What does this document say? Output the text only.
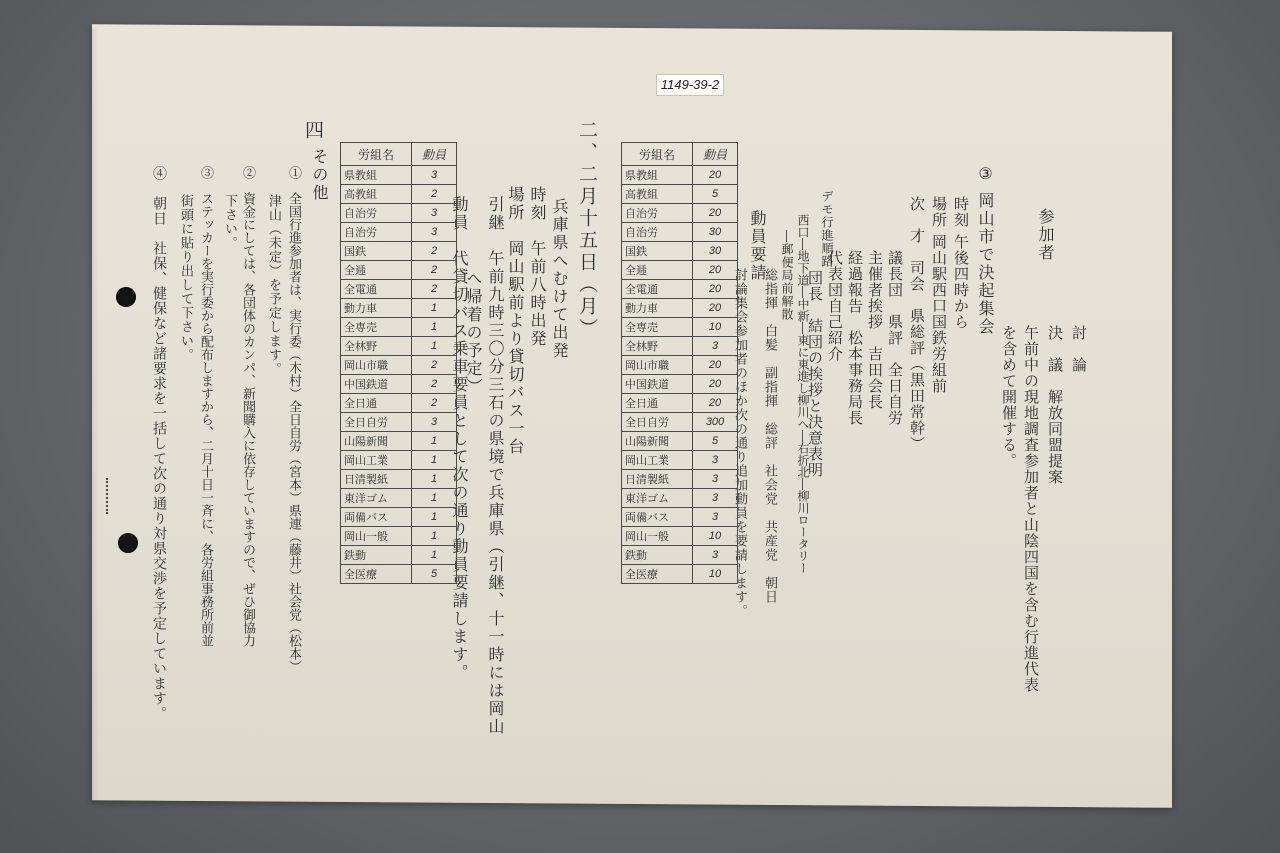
1149-39-2
参加者
討　論
決　議　解放同盟提案
午前中の現地調査参加者と山陰四国を含む行進代表
を含めて開催する。
③ 岡山市で決起集会
時刻 午後四時から
場所 岡山駅西口国鉄労組前
次　才　司会　県総評（黒田常幹）
議長団　県評　全日自労
主催者挨拶　吉田会長
経過報告　松本事務局長
代表団自己紹介
団長　結団の挨拶と決意表明
デモ行進順路
西口―地下道―中新―東に東進し柳川へ―右折北―柳川ロータリー
―郵便局前解散
総指揮　白髪　副指揮　総評　社会党　共産党　朝日
動員要請
討論集会参加者のほか次の通り追加動員を要請します。
労組名	動員
県教組	20
高教組	5
自治労	20
自治労	30
国鉄	30
全逓	20
全電通	20
動力車	20
全専売	10
全林野	3
岡山市職	20
中国鉄道	20
全日通	20
全日自労	300
山陽新聞	5
岡山工業	3
日清製紙	3
東洋ゴム	3
両備バス	3
岡山一般	10
鉄動	3
全医療	10
二、二月十五日（月）
兵庫県へむけて出発
時刻　午前八時出発
場所　岡山駅前より貸切バス一台
引継　午前九時三〇分三石の県境で兵庫県（引継、十一時には岡山
へ帰着の予定）
動員　代貸切バス乗車要員として次の通り動員要請します。
労組名	動員
県教組	3
高教組	2
自治労	3
自治労	3
国鉄	2
全逓	2
全電通	2
動力車	1
全専売	1
全林野	1
岡山市職	2
中国鉄道	2
全日通	2
全日自労	3
山陽新聞	1
岡山工業	1
日清製紙	1
東洋ゴム	1
両備バス	1
岡山一般	1
鉄動	1
全医療	5
四
その他
①　全国行進参加者は、実行委（木村）全日自労（宮本）県連（藤井）社会党（松本）
津山（未定）を予定します。
②　資金にしては、各団体のカンパ、新聞購入に依存していますので、ぜひ御協力
下さい。
③　ステッカーを実行委から配布しますから、二月十日一斉に、各労組事務所前並
街頭に貼り出して下さい。
④　朝日　社保、健保など諸要求を一括して次の通り対県交渉を予定しています。
